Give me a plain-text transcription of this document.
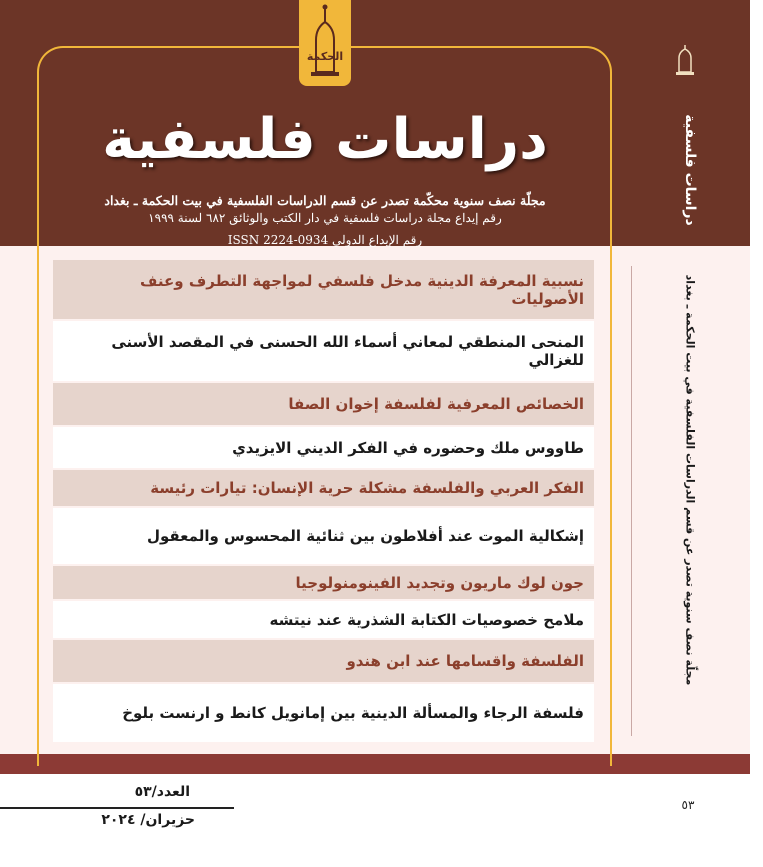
الحكمة
دراسات فلسفية
مجلّة نصف سنوية محكّمة تصدر عن قسم الدراسات الفلسفية في بيت الحكمة ـ بغداد
رقم إيداع مجلة دراسات فلسفية في دار الكتب والوثائق ٦٨٢ لسنة ١٩٩٩
رقم الإيداع الدولي ISSN 2224-0934
نسبية المعرفة الدينية مدخل فلسفي لمواجهة التطرف وعنف الأصوليات
المنحى المنطقي لمعاني أسماء الله الحسنى في المقصد الأسنى للغزالي
الخصائص المعرفية لفلسفة إخوان الصفا
طاووس ملك وحضوره في الفكر الديني الايزيدي
الفكر العربي والفلسفة مشكلة حرية الإنسان: تيارات رئيسة
إشكالية الموت عند أفلاطون بين ثنائية المحسوس والمعقول
جون لوك ماريون وتجديد الفينومنولوجيا
ملامح خصوصيات الكتابة الشذرية عند نيتشه
الفلسفة واقسامها عند ابن هندو
فلسفة الرجاء والمسألة الدينية بين إمانويل كانط و ارنست بلوخ
دراسات فلسفية
مجلّة نصف سنوية تصدر عن قسم الدراسات الفلسفية في بيت الحكمة ـ بغداد
٥٣
العدد/٥٣
حزيران/ ٢٠٢٤
